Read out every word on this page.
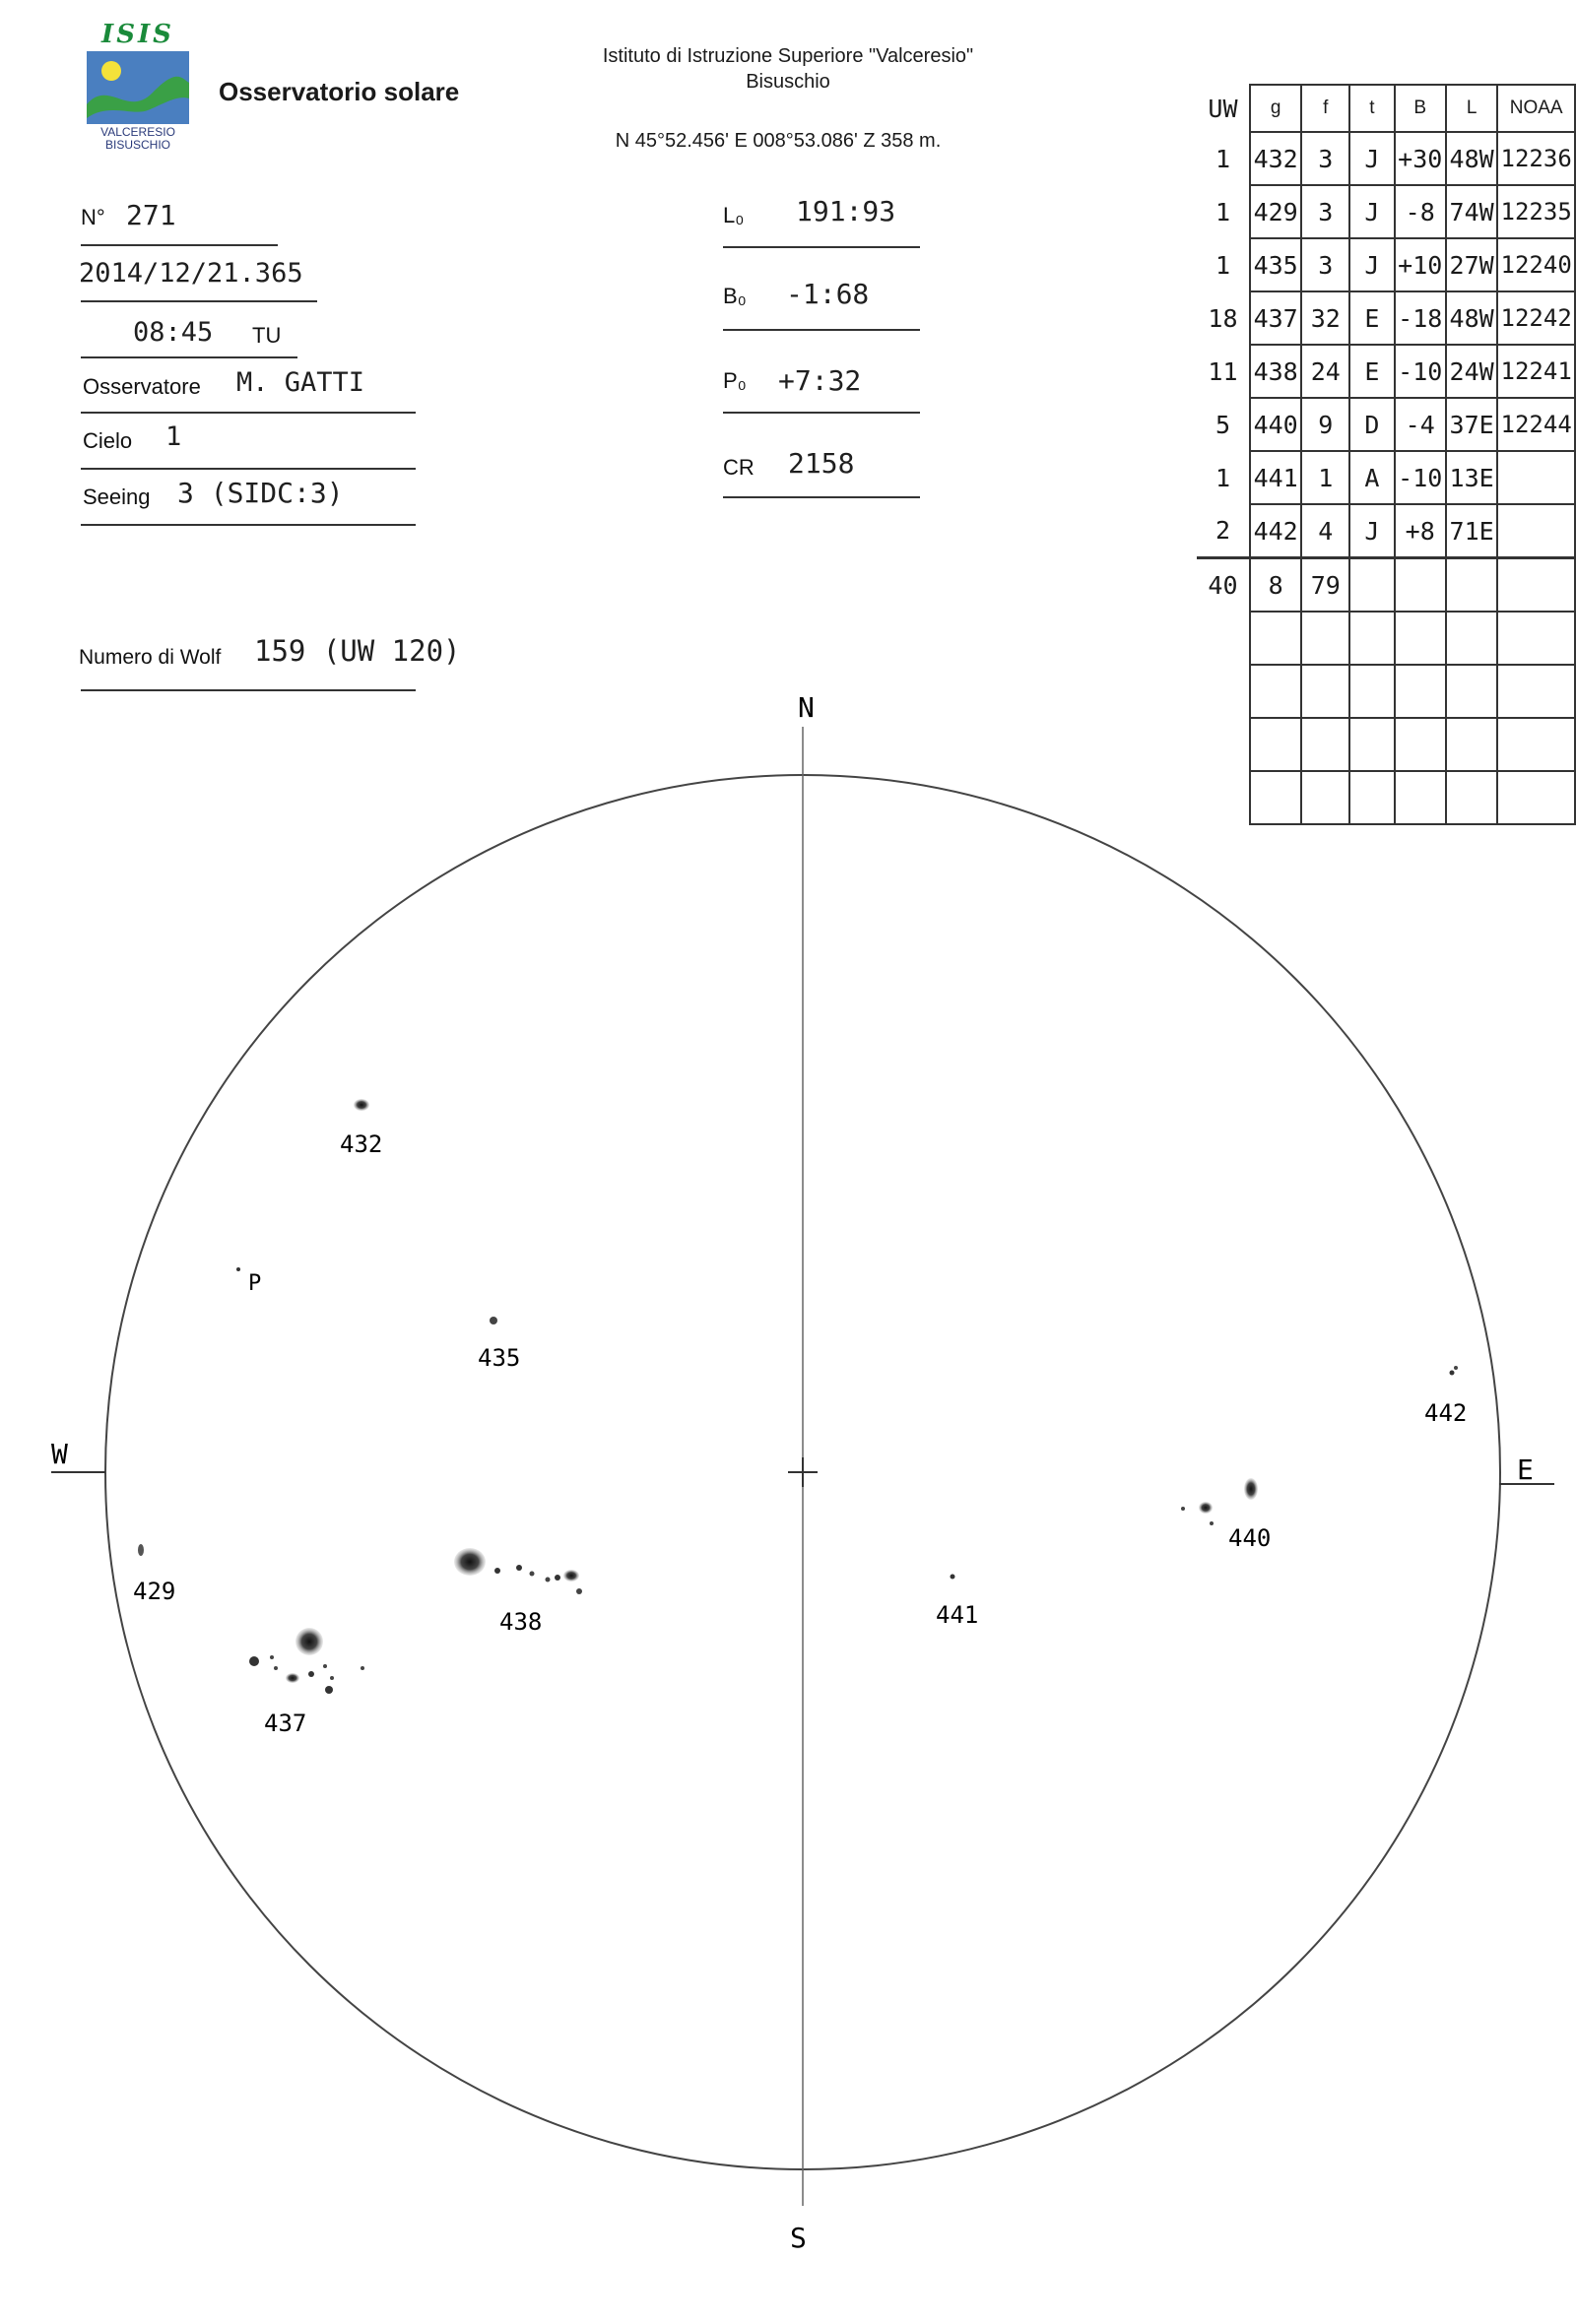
ISIS
VALCERESIO
BISUSCHIO
Osservatorio solare
Istituto di Istruzione Superiore "Valceresio"
Bisuschio
N 45°52.456' E 008°53.086' Z 358 m.
N° 271
2014/12/21.365
08:45 TU
Osservatore M. GATTI
Cielo 1
Seeing 3 (SIDC:3)
Numero di Wolf 159 (UW 120)
L₀ 191:93
B₀ -1:68
P₀ +7:32
CR 2158
UW	g	f	t	B	L	NOAA
1	432	3	J	+30	48W	12236
1	429	3	J	-8	74W	12235
1	435	3	J	+10	27W	12240
18	437	32	E	-18	48W	12242
11	438	24	E	-10	24W	12241
5	440	9	D	-4	37E	12244
1	441	1	A	-10	13E	
2	442	4	J	+8	71E	
40	8	79				

N
S
W	E
P
432
435
429
438
437
441
440
442
